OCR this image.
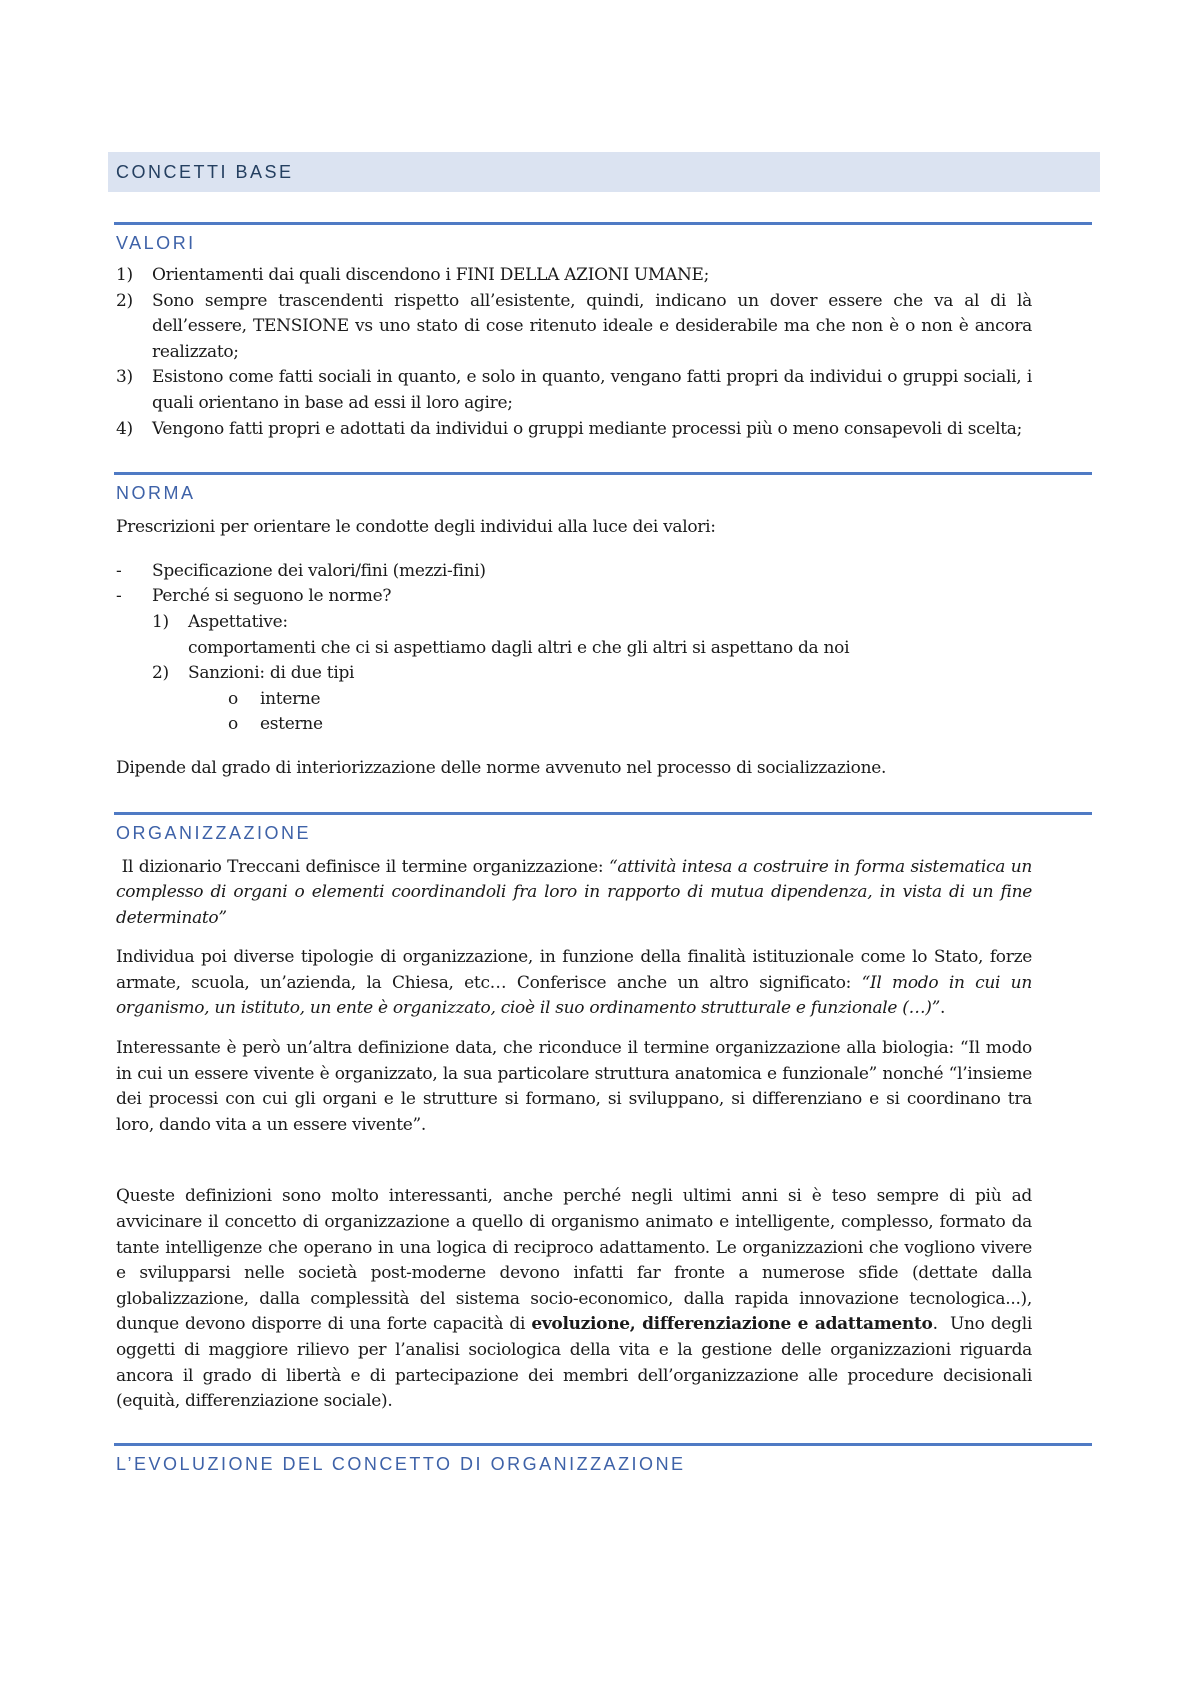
CONCETTI BASE
VALORI
1) Orientamenti dai quali discendono i FINI DELLA AZIONI UMANE;
2) Sono sempre trascendenti rispetto all’esistente, quindi, indicano un dover essere che va al di là dell’essere, TENSIONE vs uno stato di cose ritenuto ideale e desiderabile ma che non è o non è ancora realizzato;
3) Esistono come fatti sociali in quanto, e solo in quanto, vengano fatti propri da individui o gruppi sociali, i quali orientano in base ad essi il loro agire;
4) Vengono fatti propri e adottati da individui o gruppi mediante processi più o meno consapevoli di scelta;
NORMA

Prescrizioni per orientare le condotte degli individui alla luce dei valori:

- Specificazione dei valori/fini (mezzi-fini)
- Perché si seguono le norme?
1) Aspettative:
comportamenti che ci si aspettiamo dagli altri e che gli altri si aspettano da noi
2) Sanzioni: di due tipi
o interne
o esterne

Dipende dal grado di interiorizzazione delle norme avvenuto nel processo di socializzazione.

ORGANIZZAZIONE

Il dizionario Treccani definisce il termine organizzazione: “attività intesa a costruire in forma sistematica un complesso di organi o elementi coordinandoli fra loro in rapporto di mutua dipendenza, in vista di un fine determinato”

Individua poi diverse tipologie di organizzazione, in funzione della finalità istituzionale come lo Stato, forze armate, scuola, un’azienda, la Chiesa, etc… Conferisce anche un altro significato: “Il modo in cui un organismo, un istituto, un ente è organizzato, cioè il suo ordinamento strutturale e funzionale (…)”.

Interessante è però un’altra definizione data, che riconduce il termine organizzazione alla biologia: “Il modo in cui un essere vivente è organizzato, la sua particolare struttura anatomica e funzionale” nonché “l’insieme dei processi con cui gli organi e le strutture si formano, si sviluppano, si differenziano e si coordinano tra loro, dando vita a un essere vivente”.

Queste definizioni sono molto interessanti, anche perché negli ultimi anni si è teso sempre di più ad avvicinare il concetto di organizzazione a quello di organismo animato e intelligente, complesso, formato da tante intelligenze che operano in una logica di reciproco adattamento. Le organizzazioni che vogliono vivere e svilupparsi nelle società post-moderne devono infatti far fronte a numerose sfide (dettate dalla globalizzazione, dalla complessità del sistema socio-economico, dalla rapida innovazione tecnologica...), dunque devono disporre di una forte capacità di evoluzione, differenziazione e adattamento.  Uno degli oggetti di maggiore rilievo per l’analisi sociologica della vita e la gestione delle organizzazioni riguarda ancora il grado di libertà e di partecipazione dei membri dell’organizzazione alle procedure decisionali (equità, differenziazione sociale).

L’EVOLUZIONE DEL CONCETTO DI ORGANIZZAZIONE
